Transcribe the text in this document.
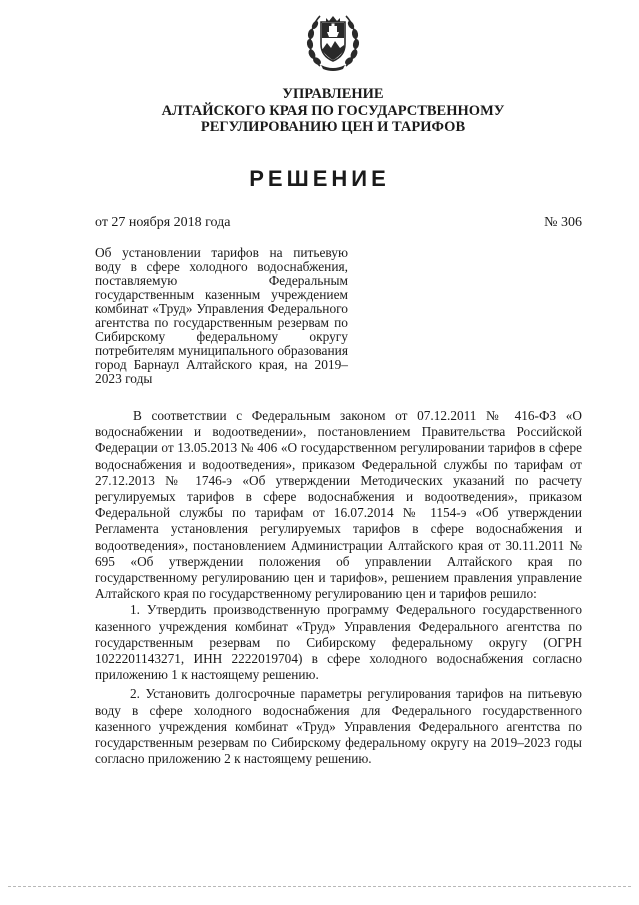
УПРАВЛЕНИЕ
АЛТАЙСКОГО КРАЯ ПО ГОСУДАРСТВЕННОМУ
РЕГУЛИРОВАНИЮ ЦЕН И ТАРИФОВ
РЕШЕНИЕ
от 27 ноября 2018 года	№ 306
Об установлении тарифов на питьевую воду в сфере холодного водоснабжения, поставляемую Федеральным государственным казенным учреждением комбинат «Труд» Управления Федерального агентства по государственным резервам по Сибирскому федеральному округу потребителям муниципального образования город Барнаул Алтайского края, на 2019–2023 годы

В соответствии с Федеральным законом от 07.12.2011 № 416-ФЗ «О водоснабжении и водоотведении», постановлением Правительства Российской Федерации от 13.05.2013 № 406 «О государственном регулировании тарифов в сфере водоснабжения и водоотведения», приказом Федеральной службы по тарифам от 27.12.2013 № 1746-э «Об утверждении Методических указаний по расчету регулируемых тарифов в сфере водоснабжения и водоотведения», приказом Федеральной службы по тарифам от 16.07.2014 № 1154-э «Об утверждении Регламента установления регулируемых тарифов в сфере водоснабжения и водоотведения», постановлением Администрации Алтайского края от 30.11.2011 № 695 «Об утверждении положения об управлении Алтайского края по государственному регулированию цен и тарифов», решением правления управление Алтайского края по государственному регулированию цен и тарифов решило:

1. Утвердить производственную программу Федерального государственного казенного учреждения комбинат «Труд» Управления Федерального агентства по государственным резервам по Сибирскому федеральному округу (ОГРН 1022201143271, ИНН 2222019704) в сфере холодного водоснабжения согласно приложению 1 к настоящему решению.

2. Установить долгосрочные параметры регулирования тарифов на питьевую воду в сфере холодного водоснабжения для Федерального государственного казенного учреждения комбинат «Труд» Управления Федерального агентства по государственным резервам по Сибирскому федеральному округу на 2019–2023 годы согласно приложению 2 к настоящему решению.
